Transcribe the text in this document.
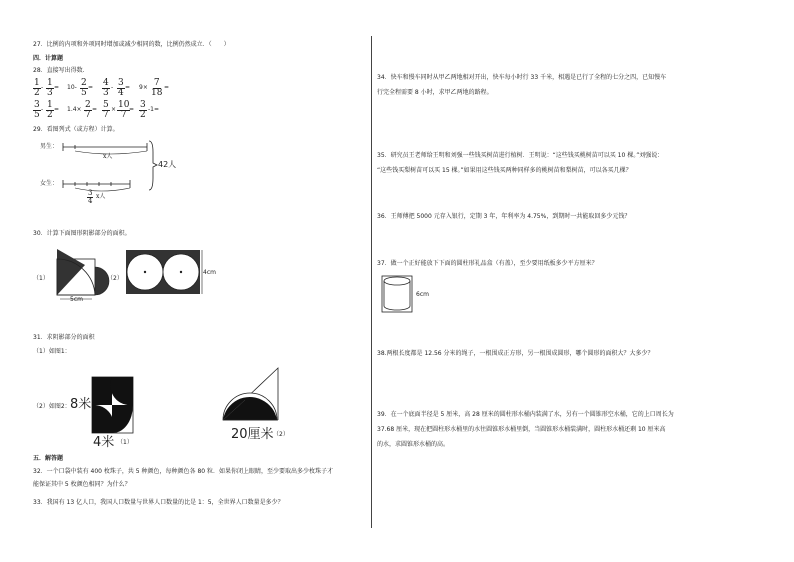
27．比例的内项和外项同时增加或减少相同的数，比例仍然成立．（　　）
四．计算题
28．直接写出得数.
$\frac{1}{2} - \frac{1}{3} = 10- \frac{2}{5} = \frac{4}{3} - \frac{3}{4} = 9\times \frac{7}{18}$ =
$\frac{3}{5} - \frac{1}{2} = 1.4\times \frac{2}{7} = \frac{5}{7} \times \frac{10}{7}$
= $\frac{3}{2} -1=$
29．看图列式（或方程）计算。
男生：
女生：
x人
$\frac{3}{4}$ x人
42人
30．计算下面图形阴影部分的面积。
（1）
5cm
（2）
4cm
31．求阴影部分的面积
（1）如图1：
（2）如图2： 8米
4米 （1）
20厘米 （2）
五．解答题
32．一个口袋中装有 400 枚珠子，共 5 种颜色，每种颜色各 80 粒．如果你闭上眼睛，至少要取出多少枚珠子才
能保证其中 5 枚颜色相同？为什么？
33．我国有 13 亿人口，我国人口数量与世界人口数量的比是 1：5，全世界人口数量是多少？
34．快车和慢车同时从甲乙两地相对开出，快车每小时行 33 千米，相遇是已行了全程的七分之四，已知慢车
行完全程需要 8 小时，求甲乙两地的路程。
35．研究员王老师给王明和刘强一些钱买树苗进行植树．王明说：“这些钱买桃树苗可以买 10 棵。”刘强说：
“这些钱买梨树苗可以买 15 棵。”如果用这些钱买两种同样多的桃树苗和梨树苗，可以各买几棵？
36．王师傅把 5000 元存入银行，定期 3 年，年利率为 4.75%，到期时一共能取回多少元钱？
37．做一个正好能放下下面的圆柱形礼品盒（有盖），至少要用纸板多少平方厘米？
6cm
38.两根长度都是 12.56 分米的绳子，一根围成正方形，另一根围成圆形，哪个圆形的面积大？大多少？
39．在一个底面半径是 5 厘米，高 28 厘米的圆柱形水桶内装满了水，另有一个圆锥形空水桶，它的上口周长为
37.68 厘米，现在把圆柱形水桶里的水往圆锥形水桶里倒，当圆锥形水桶装满时，圆柱形水桶还剩 10 厘米高
的水，求圆锥形水桶的高。
